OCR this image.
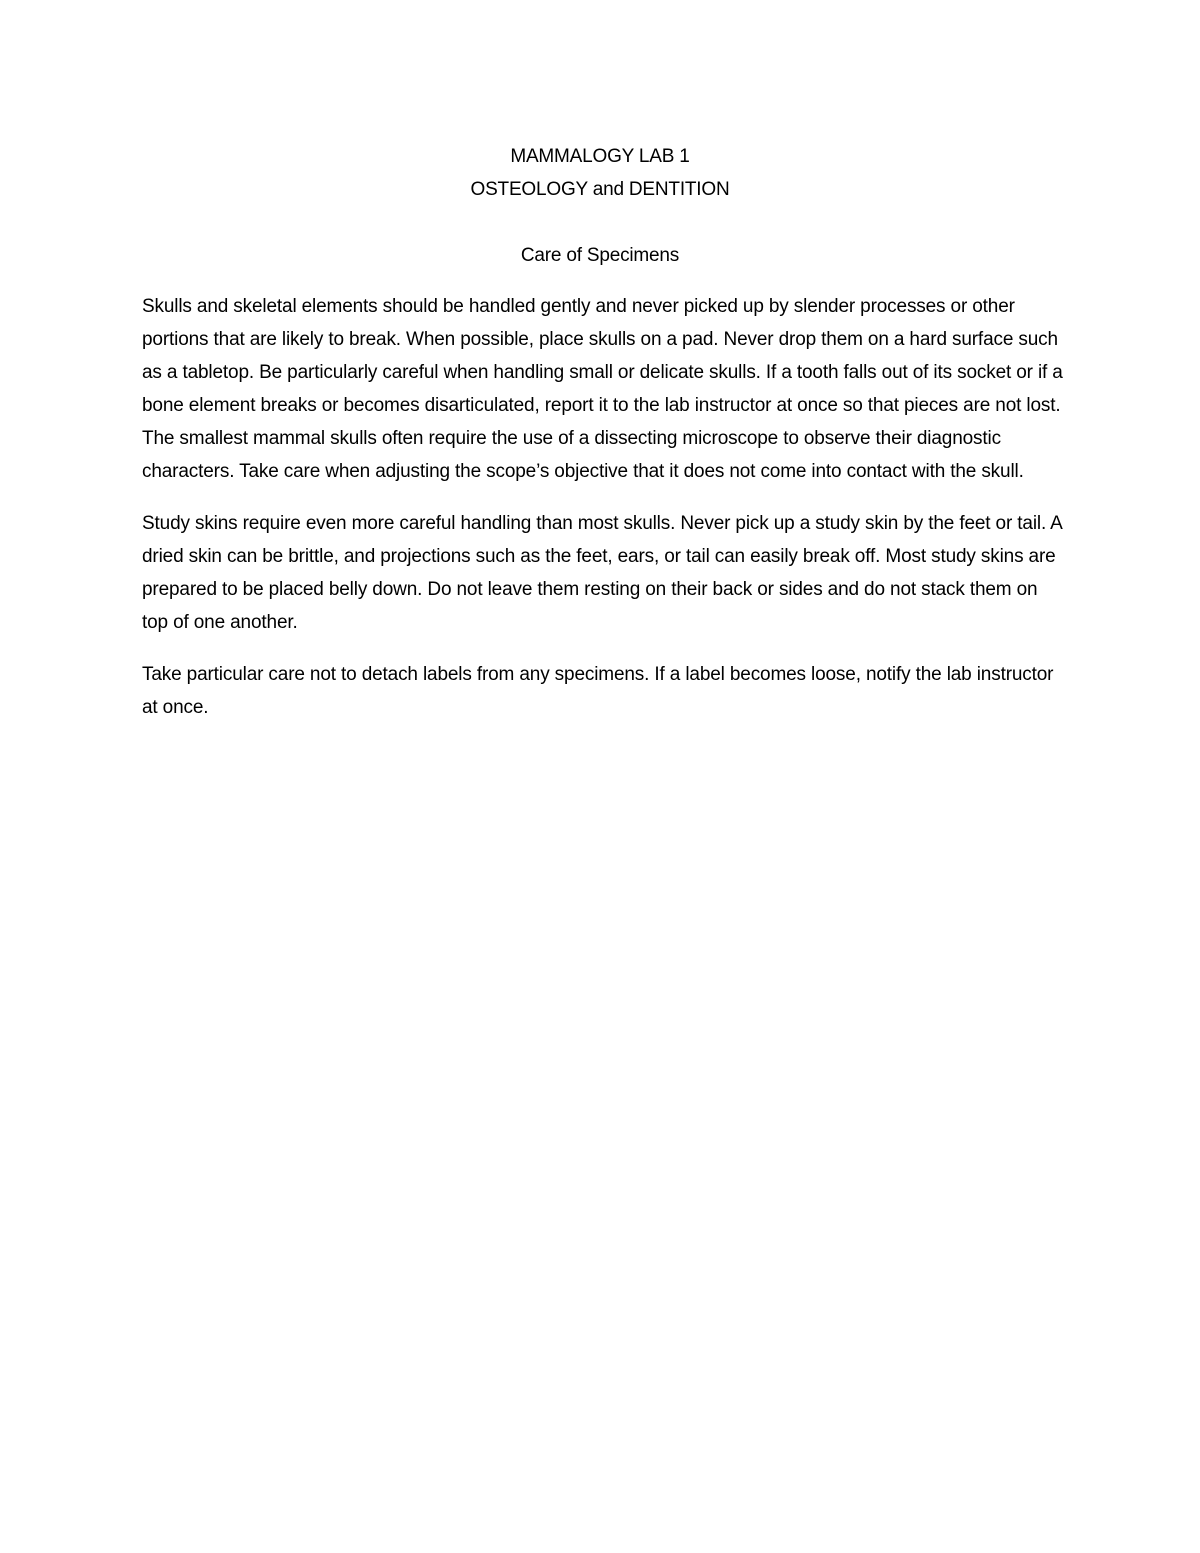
MAMMALOGY LAB 1
OSTEOLOGY and DENTITION
Care of Specimens

Skulls and skeletal elements should be handled gently and never picked up by slender processes or other portions that are likely to break. When possible, place skulls on a pad. Never drop them on a hard surface such as a tabletop. Be particularly careful when handling small or delicate skulls. If a tooth falls out of its socket or if a bone element breaks or becomes disarticulated, report it to the lab instructor at once so that pieces are not lost. The smallest mammal skulls often require the use of a dissecting microscope to observe their diagnostic characters. Take care when adjusting the scope’s objective that it does not come into contact with the skull.

Study skins require even more careful handling than most skulls. Never pick up a study skin by the feet or tail. A dried skin can be brittle, and projections such as the feet, ears, or tail can easily break off. Most study skins are prepared to be placed belly down. Do not leave them resting on their back or sides and do not stack them on top of one another.

Take particular care not to detach labels from any specimens. If a label becomes loose, notify the lab instructor at once.
